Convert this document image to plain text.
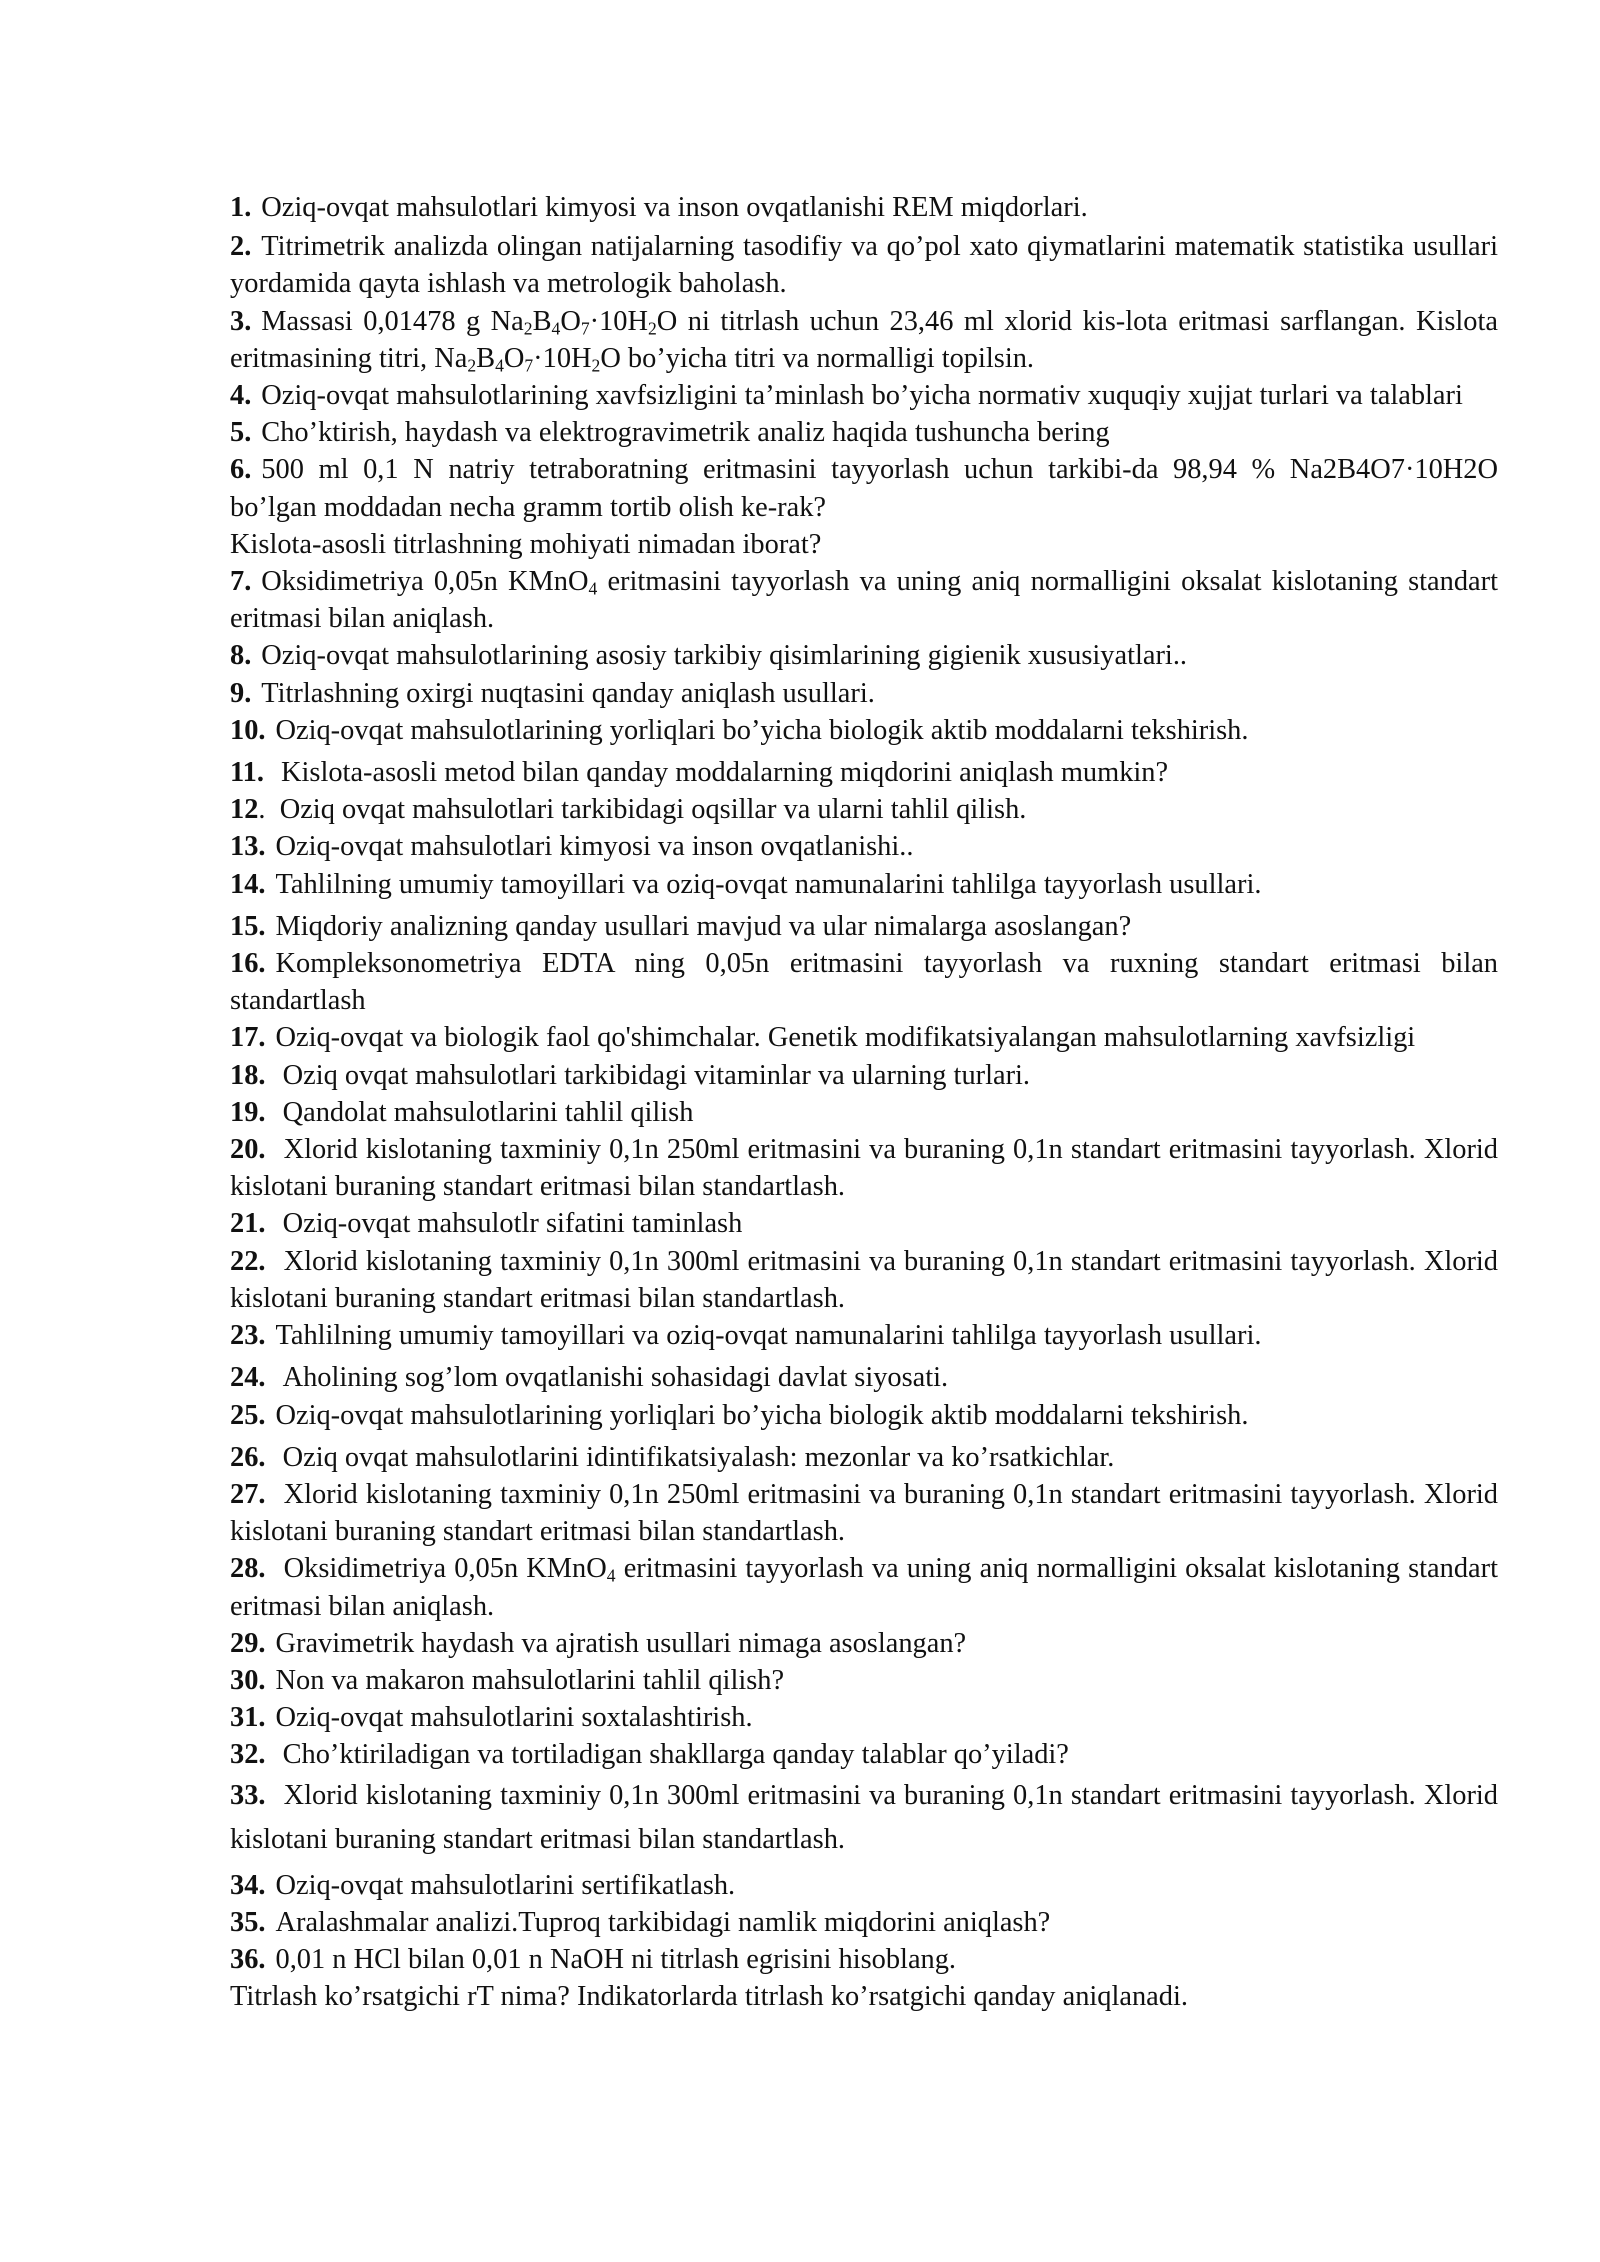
1. Oziq-ovqat mahsulotlari kimyosi va inson ovqatlanishi REM miqdorlari.

2. Titrimetrik analizda olingan natijalarning tasodifiy va qo’pol xato qiymatlarini matematik statistika usullari yordamida qayta ishlash va metrologik baholash.

3. Massasi 0,01478 g $Na_2B_4O_7\cdot 10H_2O$ ni titrlash uchun 23,46 ml xlorid kis-lota eritmasi sarflangan. Kislota eritmasining titri, $Na_2B_4O_7\cdot 10H_2O$ bo’yicha titri va normalligi topilsin.

4. Oziq-ovqat mahsulotlarining xavfsizligini ta’minlash bo’yicha normativ xuquqiy xujjat turlari va talablari

5. Cho’ktirish, haydash va elektrogravimetrik analiz haqida tushuncha bering

6. 500 ml 0,1 N natriy tetraboratning eritmasini tayyorlash uchun tarkibi-da 98,94 % Na2B4O7·10H2O bo’lgan moddadan necha gramm tortib olish ke-rak?

Kislota-asosli titrlashning mohiyati nimadan iborat?

7. Oksidimetriya 0,05n KMnO$_4$ eritmasini tayyorlash va uning aniq normalligini oksalat kislotaning standart eritmasi bilan aniqlash.

8. Oziq-ovqat mahsulotlarining asosiy tarkibiy qisimlarining gigienik xususiyatlari..

9. Titrlashning oxirgi nuqtasini qanday aniqlash usullari.

10. Oziq-ovqat mahsulotlarining yorliqlari bo’yicha biologik aktib moddalarni tekshirish.

11. Kislota-asosli metod bilan qanday moddalarning miqdorini aniqlash mumkin?

12. Oziq ovqat mahsulotlari tarkibidagi oqsillar va ularni tahlil qilish.

13. Oziq-ovqat mahsulotlari kimyosi va inson ovqatlanishi..

14. Tahlilning umumiy tamoyillari va oziq-ovqat namunalarini tahlilga tayyorlash usullari.

15. Miqdoriy analizning qanday usullari mavjud va ular nimalarga asoslangan?

16. Kompleksonometriya EDTA ning 0,05n eritmasini tayyorlash va ruxning standart eritmasi bilan standartlash

17. Oziq-ovqat va biologik faol qo'shimchalar. Genetik modifikatsiyalangan mahsulotlarning xavfsizligi

18. Oziq ovqat mahsulotlari tarkibidagi vitaminlar va ularning turlari.

19. Qandolat mahsulotlarini tahlil qilish

20. Xlorid kislotaning taxminiy 0,1n 250ml eritmasini va buraning 0,1n standart eritmasini tayyorlash. Xlorid kislotani buraning standart eritmasi bilan standartlash.

21. Oziq-ovqat mahsulotlr sifatini taminlash

22. Xlorid kislotaning taxminiy 0,1n 300ml eritmasini va buraning 0,1n standart eritmasini tayyorlash. Xlorid kislotani buraning standart eritmasi bilan standartlash.

23. Tahlilning umumiy tamoyillari va oziq-ovqat namunalarini tahlilga tayyorlash usullari.

24. Aholining sog’lom ovqatlanishi sohasidagi davlat siyosati.

25. Oziq-ovqat mahsulotlarining yorliqlari bo’yicha biologik aktib moddalarni tekshirish.

26. Oziq ovqat mahsulotlarini idintifikatsiyalash: mezonlar va ko’rsatkichlar.

27. Xlorid kislotaning taxminiy 0,1n 250ml eritmasini va buraning 0,1n standart eritmasini tayyorlash. Xlorid kislotani buraning standart eritmasi bilan standartlash.

28. Oksidimetriya 0,05n KMnO$_4$ eritmasini tayyorlash va uning aniq normalligini oksalat kislotaning standart eritmasi bilan aniqlash.

29. Gravimetrik haydash va ajratish usullari nimaga asoslangan?

30. Non va makaron mahsulotlarini tahlil qilish?

31. Oziq-ovqat mahsulotlarini soxtalashtirish.

32. Cho’ktiriladigan va tortiladigan shakllarga qanday talablar qo’yiladi?

33. Xlorid kislotaning taxminiy 0,1n 300ml eritmasini va buraning 0,1n standart eritmasini tayyorlash. Xlorid kislotani buraning standart eritmasi bilan standartlash.

34. Oziq-ovqat mahsulotlarini sertifikatlash.

35. Aralashmalar analizi.Tuproq tarkibidagi namlik miqdorini aniqlash?

36. 0,01 n HCl bilan 0,01 n NaOH ni titrlash egrisini hisoblang.

Titrlash ko’rsatgichi rT nima? Indikatorlarda titrlash ko’rsatgichi qanday aniqlanadi.
